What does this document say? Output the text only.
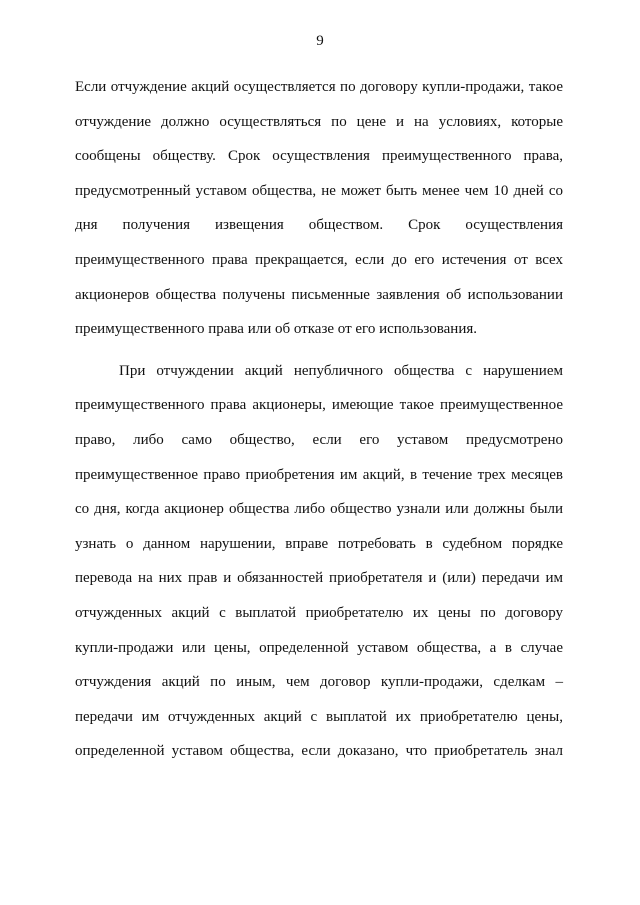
9

Если отчуждение акций осуществляется по договору купли-продажи, такое
отчуждение должно осуществляться по цене и на условиях, которые
сообщены обществу. Срок осуществления преимущественного права,
предусмотренный уставом общества, не может быть менее чем 10 дней со
дня получения извещения обществом. Срок осуществления
преимущественного права прекращается, если до его истечения от всех
акционеров общества получены письменные заявления об использовании
преимущественного права или об отказе от его использования.

При отчуждении акций непубличного общества с нарушением
преимущественного права акционеры, имеющие такое преимущественное
право, либо само общество, если его уставом предусмотрено
преимущественное право приобретения им акций, в течение трех месяцев
со дня, когда акционер общества либо общество узнали или должны были
узнать о данном нарушении, вправе потребовать в судебном порядке
перевода на них прав и обязанностей приобретателя и (или) передачи им
отчужденных акций с выплатой приобретателю их цены по договору
купли-продажи или цены, определенной уставом общества, а в случае
отчуждения акций по иным, чем договор купли-продажи, сделкам –
передачи им отчужденных акций с выплатой их приобретателю цены,
определенной уставом общества, если доказано, что приобретатель знал
